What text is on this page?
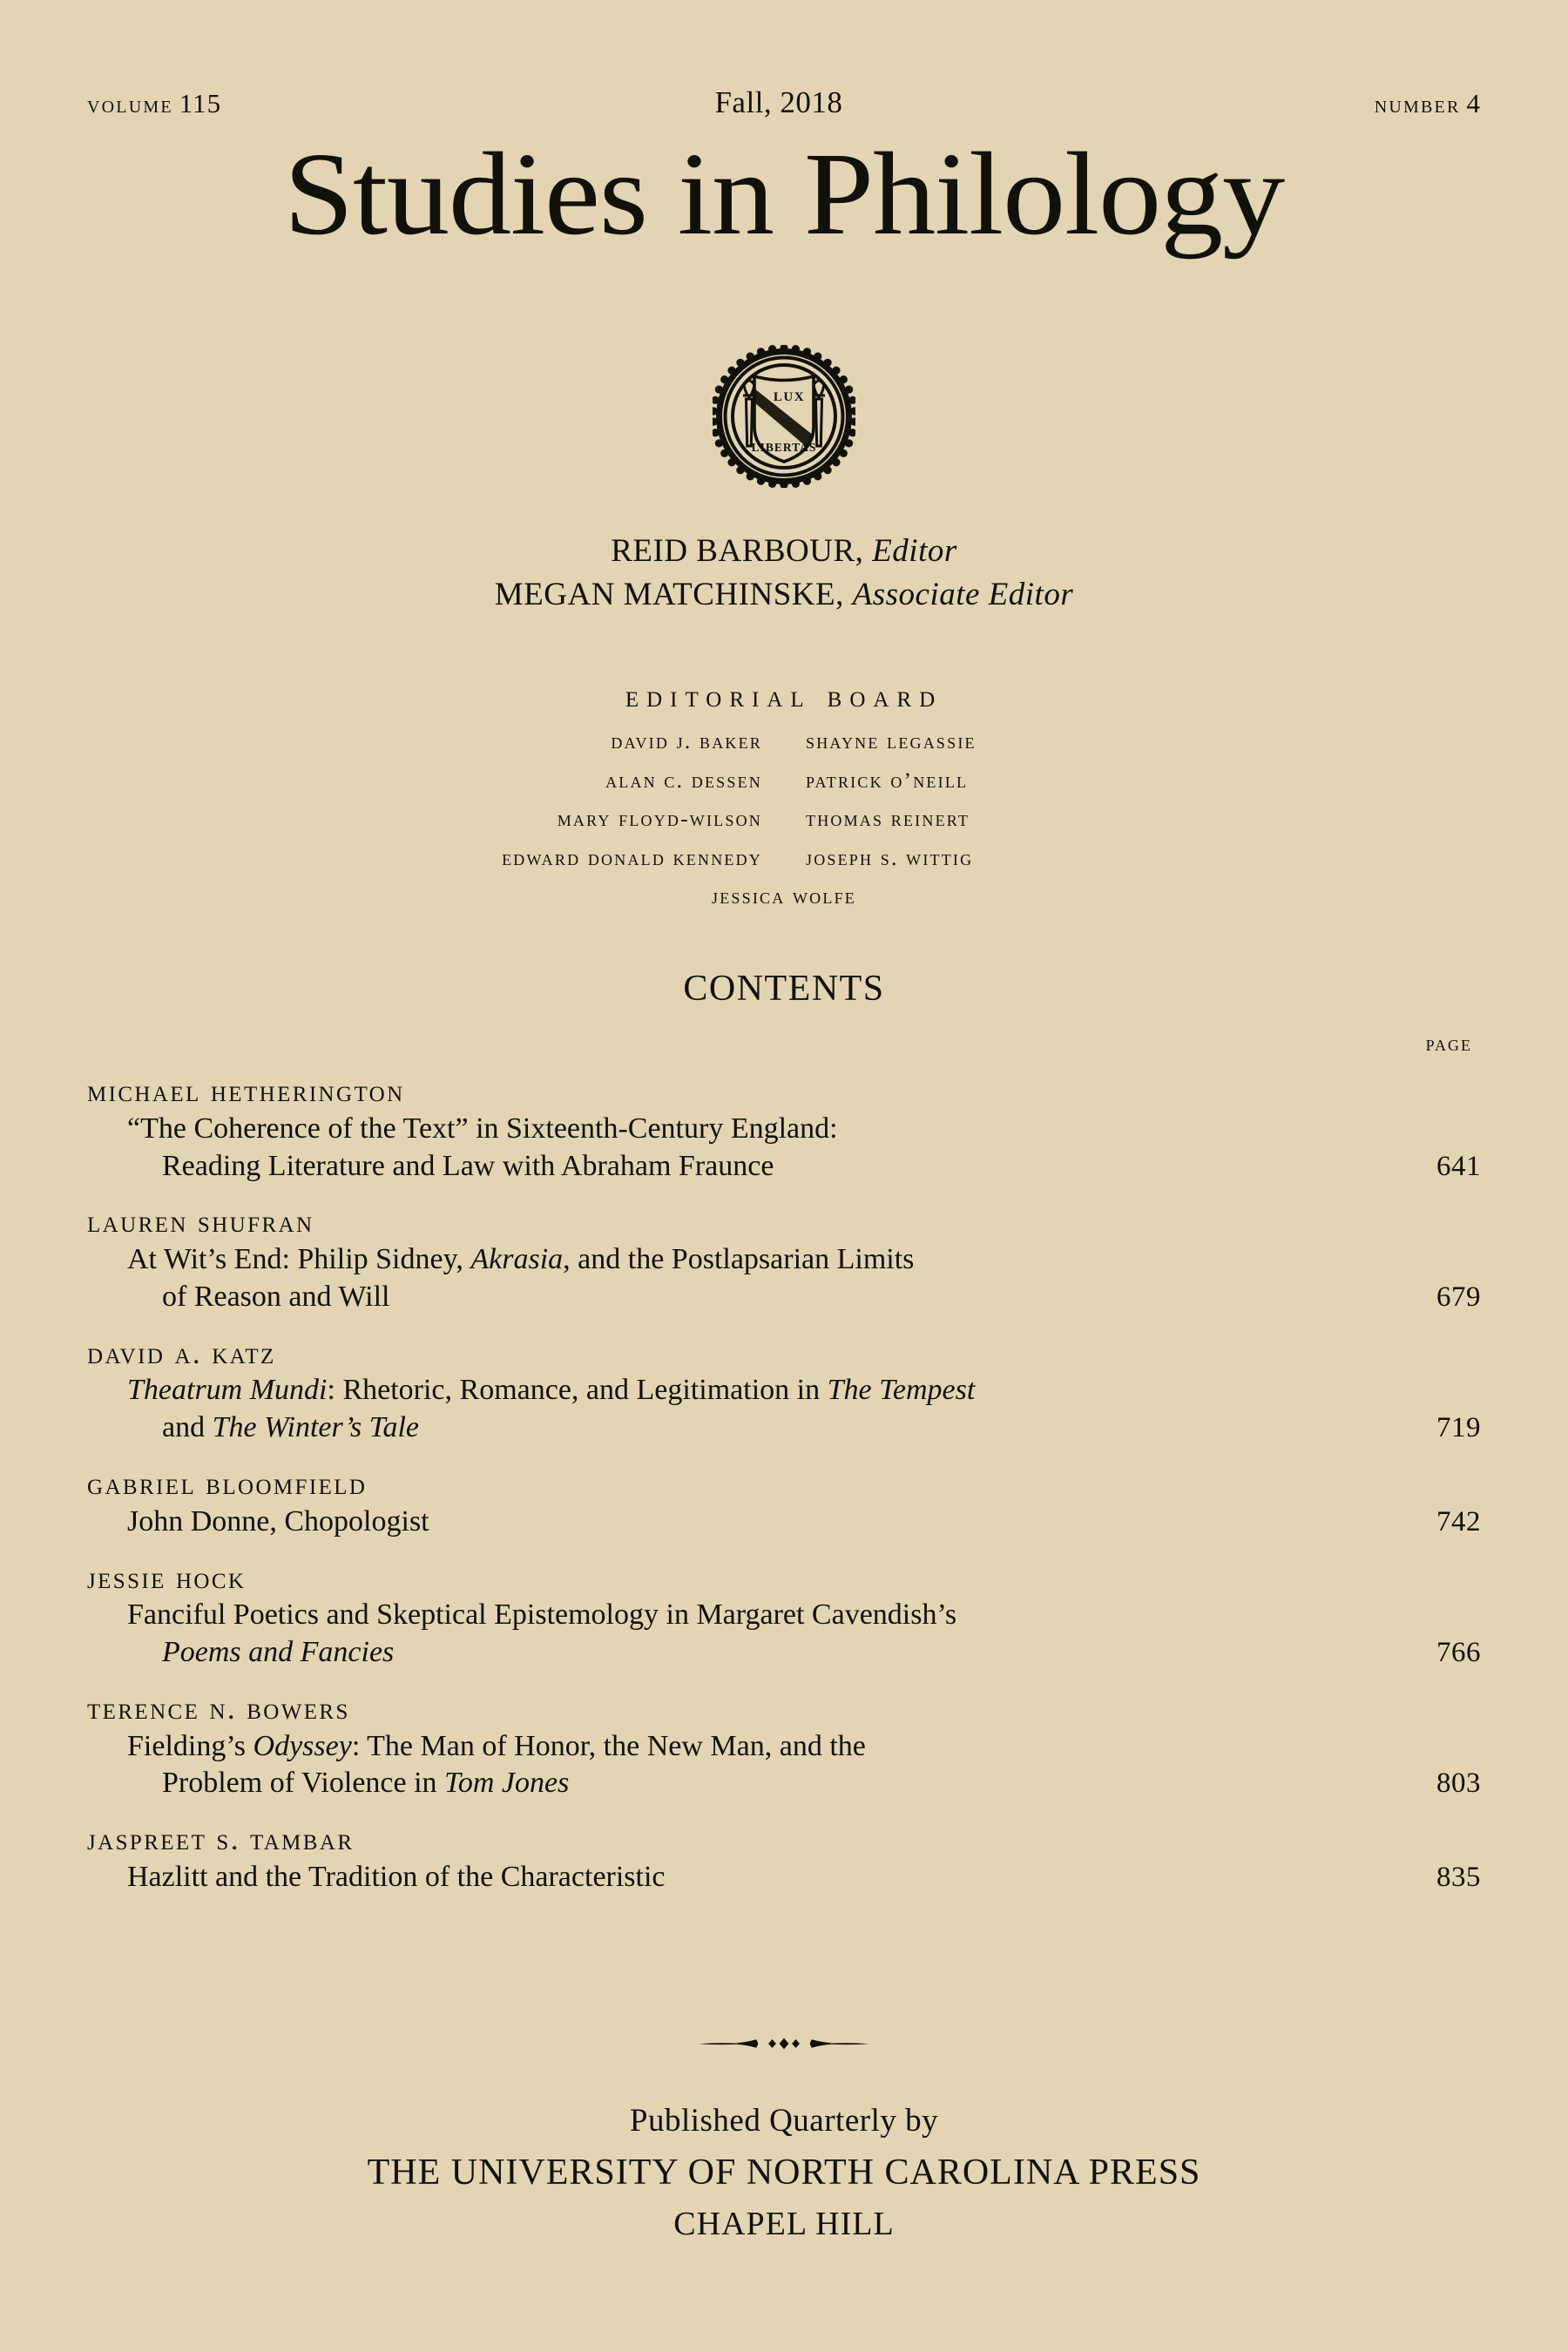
volume 115	Fall, 2018	number 4
Studies in Philology
LUX
LIBERTAS
REID BARBOUR, Editor
MEGAN MATCHINSKE, Associate Editor
editorial board
david j. baker	shayne legassie
alan c. dessen	patrick o’neill
mary floyd-wilson	thomas reinert
edward donald kennedy	joseph s. wittig
jessica wolfe
CONTENTS
page
michael hetherington
“The Coherence of the Text” in Sixteenth-Century England:
Reading Literature and Law with Abraham Fraunce	641
lauren shufran
At Wit’s End: Philip Sidney, Akrasia, and the Postlapsarian Limits
of Reason and Will	679
david a. katz
Theatrum Mundi: Rhetoric, Romance, and Legitimation in The Tempest
and The Winter’s Tale	719
gabriel bloomfield
John Donne, Chopologist	742
jessie hock
Fanciful Poetics and Skeptical Epistemology in Margaret Cavendish’s
Poems and Fancies	766
terence n. bowers
Fielding’s Odyssey: The Man of Honor, the New Man, and the
Problem of Violence in Tom Jones	803
jaspreet s. tambar
Hazlitt and the Tradition of the Characteristic	835
Published Quarterly by
THE UNIVERSITY OF NORTH CAROLINA PRESS
CHAPEL HILL
